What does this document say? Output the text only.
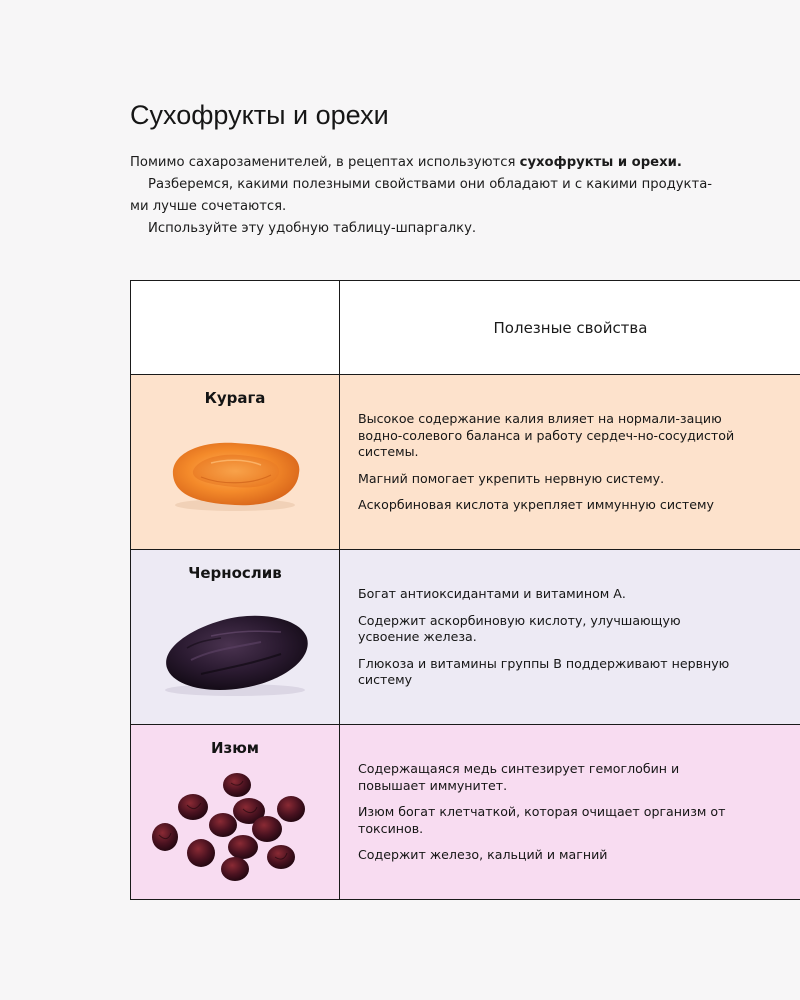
Сухофрукты и орехи

Помимо сахарозаменителей, в рецептах используются сухофрукты и орехи.

Разберемся, какими полезными свойствами они обладают и с какими продукта-ми лучше сочетаются.

Используйте эту удобную таблицу-шпаргалку.

Полезные свойства
Курага

Высокое содержание калия влияет на нормали-зацию водно-солевого баланса и работу сердеч-но-сосудистой системы.

Магний помогает укрепить нервную систему.

Аскорбиновая кислота укрепляет иммунную систему

Чернослив

Богат антиоксидантами и витамином А.

Содержит аскорбиновую кислоту, улучшающую усвоение железа.

Глюкоза и витамины группы В поддерживают нервную систему

Изюм

Содержащаяся медь синтезирует гемоглобин и повышает иммунитет.

Изюм богат клетчаткой, которая очищает организм от токсинов.

Содержит железо, кальций и магний
